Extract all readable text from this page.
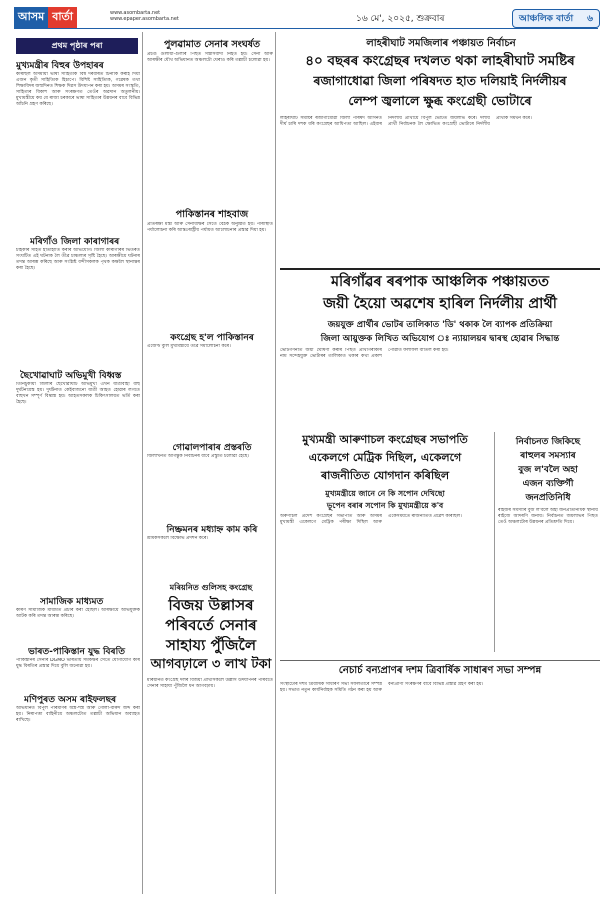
আসম বাৰ্তা	www.asombarta.net
www.epaper.asombarta.net	১৬ মে', ২০২৫, শুক্ৰবাৰ	আঞ্চলিক বাৰ্তা ৬
প্ৰথম পৃষ্ঠাৰ পৰা
মুখ্যমন্ত্ৰীৰ বিহুৰ উপহাৰৰ
কৰিছিল অসমীয়া ভাষা সাহিত্যক বিশ্ব দৰবাৰত চিনাকি কৰাই দিয়া এজন কৃতী সাহিত্যিক হিচাপে। বিশিষ্ট সাহিত্যিক, গৱেষক তথা শিক্ষাবিদৰ জন্মদিনত শিক্ষক দিৱস উদযাপন কৰা হয়। অসমৰ সংস্কৃতি, সাহিত্যৰ বিকাশ আৰু সংৰক্ষণত তেওঁৰ অৱদান অতুলনীয়। মুখ্যমন্ত্ৰীয়ে কয় যে ৰাজ্য চৰকাৰে ভাষা সাহিত্যৰ উন্নয়নৰ বাবে বিভিন্ন আঁচনি গ্ৰহণ কৰিছে।
মৰিগাঁও জিলা কাৰাগাৰৰ
চাহকাৰ সহিত হাতাহাতি কৰাৰ অভিযোগ। জিলা কাৰাগাৰৰ ভিতৰত সংঘটিত এই ঘটনাক লৈ তীব্ৰ চাঞ্চল্যৰ সৃষ্টি হৈছে। আৰক্ষীয়ে ঘটনাৰ তদন্ত আৰম্ভ কৰিছে আৰু সংশ্লিষ্ট বন্দীসকলক পৃথক কক্ষলৈ স্থানান্তৰ কৰা হৈছে।
ছৈখোৱাঘাট অভিমুখী বিধ্বস্ত
তিনিচুকীয়া জিলাৰ ছৈখোৱাঘাট অভিমুখী এখন যাত্ৰীবাহী বাছ দুৰ্ঘটনাগ্ৰস্ত হয়। দুৰ্ঘটনাত কেইবাজনো যাত্ৰী আহত হোৱাৰ লগতে বাছখন সম্পূৰ্ণ বিধ্বস্ত হয়। আহতসকলক চিকিৎসালয়ত ভৰ্তি কৰা হৈছে।
সামাজিক মাধ্যমত
কাৰণ সামাজিক মাধ্যমত প্ৰচাৰ কৰা হৈছিল। আৰক্ষীয়ে অভিযুক্তক আটক কৰি তদন্ত আৰম্ভ কৰিছে।
ভাৰত-পাকিস্তান যুদ্ধ বিৰতি
পাকিস্তানৰ সেনাৰ DGMO ভাৰতীয় সমকক্ষৰ সৈতে যোগাযোগ কৰি যুদ্ধ বিৰতিৰ প্ৰস্তাৱ দিয়ে বুলি জনোৱা হয়।
মণিপুৰত অসম ৰাইফলছৰ
অভিযানত বিপুল পৰিমাণৰ অস্ত্ৰ-শস্ত্ৰ আৰু গোলা-বাৰুদ জব্দ কৰা হয়। নিৰাপত্তা বাহিনীয়ে অঞ্চলটোত তল্লাচী অভিযান অব্যাহত ৰাখিছে।
পুলৱামাত সেনাৰ সংঘৰ্ষত
প্ৰচণ্ড গুলীয়া-গুলীৰ পিছত সন্ত্ৰাসবাদী নিহত হয়। সেনা আৰু আৰক্ষীৰ যৌথ অভিযানত অঞ্চলটো ঘেৰাও কৰি তল্লাচী চলোৱা হয়।
পাকিস্তানৰ শাহবাজ
প্ৰতিৰক্ষা মন্ত্ৰী আৰু সেনাধ্যক্ষৰ সৈতে বৈঠক অনুষ্ঠিত হয়। পৰিস্থিতি পৰ্যালোচনা কৰি আন্তঃৰাষ্ট্ৰীয় পৰ্যায়ত আলোচনাৰ প্ৰস্তাৱ দিয়া হয়।
কংগ্ৰেছ হ'ল পাকিস্তানৰ
এজেণ্ট বুলি মুখ্যমন্ত্ৰীয়ে তীব্ৰ সমালোচনা কৰে।
গোৱালপাৰাৰ প্ৰস্তৰতি
জিলাখনত আগন্তুক নিৰ্বাচনৰ বাবে প্ৰস্তুতি চলোৱা হৈছে।
নিষ্ক্ৰমনৰ মধ্যাহ্ন কাম কৰি
শ্ৰমিকসকলে বিক্ষোভ প্ৰদৰ্শন কৰে।
মৰিয়নিত গুলিসহ কংগ্ৰেছ
বিজয় উল্লাসৰ
পৰিবৰ্তে সেনাৰ
সাহায্য পুঁজিলৈ
আগবঢ়ালে ৩ লাখ টকা
মৰিয়নিত কংগ্ৰেছ দলৰ বিজয়ী প্ৰাৰ্থীসকলে উল্লাস উদযাপনৰ পৰিবৰ্তে সেনাৰ সাহায্য পুঁজিলৈ ধন আগবঢ়ায়।
লাহৰীঘাট সমজিলাৰ পঞ্চায়ত নিৰ্বাচন
৪০ বছৰৰ কংগ্ৰেছৰ দখলত থকা লাহৰীঘাট সমষ্টিৰ
ৰজাগাধোৱা জিলা পৰিষদত হাত দলিয়াই নিৰ্দলীয়ৰ
লেম্প জ্বলালে ক্ষুব্ধ কংগ্ৰেছী ভোটাৰে
লাহৰীঘাট সমষ্টিৰ ৰজাগাধোৱা জিলা পৰিষদ আসনত দীৰ্ঘ চাৰি দশক ধৰি কংগ্ৰেছৰ আধিপত্য আছিল। এইবাৰ নিৰ্দলীয় প্ৰাৰ্থীয়ে বিপুল ভোটত জয়লাভ কৰে। দলীয় প্ৰাৰ্থী নিৰ্বাচনক লৈ ক্ষোভিত কংগ্ৰেছী ভোটাৰে নিৰ্দলীয় প্ৰাৰ্থীক সমৰ্থন কৰে।
মৰিগাঁৱৰ ৰৰপাক আঞ্চলিক পঞ্চায়তত
জয়ী হৈয়ো অৱশেষ হাৰিল নিৰ্দলীয় প্ৰাৰ্থী
জয়যুক্ত প্ৰাৰ্থীৰ ভোটৰ তালিকাত 'ডি' থকাক লৈ ব্যাপক প্ৰতিক্ৰিয়া
জিলা আয়ুক্তক লিখিত অভিযোগ ঃ ন্যায়ালয়ৰ দ্বাৰস্থ হোৱাৰ সিদ্ধান্ত
ভোটগণনাত জয়ী ঘোষণা কৰাৰ পিছত প্ৰাৰ্থীগৰাকীৰ নাম সন্দেহযুক্ত ভোটাৰৰ তালিকাত থকাৰ কথা প্ৰকাশ পোৱাত ফলাফল বাতিল কৰা হয়।
মুখ্যমন্ত্ৰী আৰুণাচল কংগ্ৰেছৰ সভাপতি
একেলগে মেট্ৰিক দিছিল, একেলগে
ৰাজনীতিত যোগদান কৰিছিল
মুখ্যমন্ত্ৰীয়ে জানে নে কি সপোন দেখিছো
ভূপেন বৰাৰ সপোন কি মুখ্যমন্ত্ৰীয়ে ক'ব
অৰুণাচল প্ৰদেশ কংগ্ৰেছৰ সভাপতি আৰু অসমৰ মুখ্যমন্ত্ৰী একেলগে মেট্ৰিক পৰীক্ষা দিছিল আৰু একেসময়তে ৰাজনীতিত প্ৰৱেশ কৰিছিল।
নিৰ্বাচনত জিকিছে
ৰাহুলৰ সমস্যাৰ
বুজ ল'বলৈ অহা
এজন ব্যক্তিৰ্গী
জনপ্ৰতিনিধি
ৰাইজৰ সমস্যাৰ বুজ ল'বলৈ অহা জনপ্ৰতিনিধিক স্থানীয় ৰাইজে আদৰণি জনায়। নিৰ্বাচনত জয়লাভৰ পিছত তেওঁ অঞ্চলটোৰ উন্নয়নৰ প্ৰতিশ্ৰুতি দিয়ে।
নেচাৰ্চ বন্যপ্ৰাণৰ দশম ত্ৰিবাৰ্ষিক সাধাৰণ সভা সম্পন্ন
সংস্থাটোৰ দশম ত্ৰিবাৰ্ষিক সাধাৰণ সভা সফলতাৰে সম্পন্ন হয়। সভাত নতুন কাৰ্যনিৰ্বাহক সমিতি গঠন কৰা হয় আৰু বন্যপ্ৰাণী সংৰক্ষণৰ বাবে বিভিন্ন প্ৰস্তাৱ গ্ৰহণ কৰা হয়।
